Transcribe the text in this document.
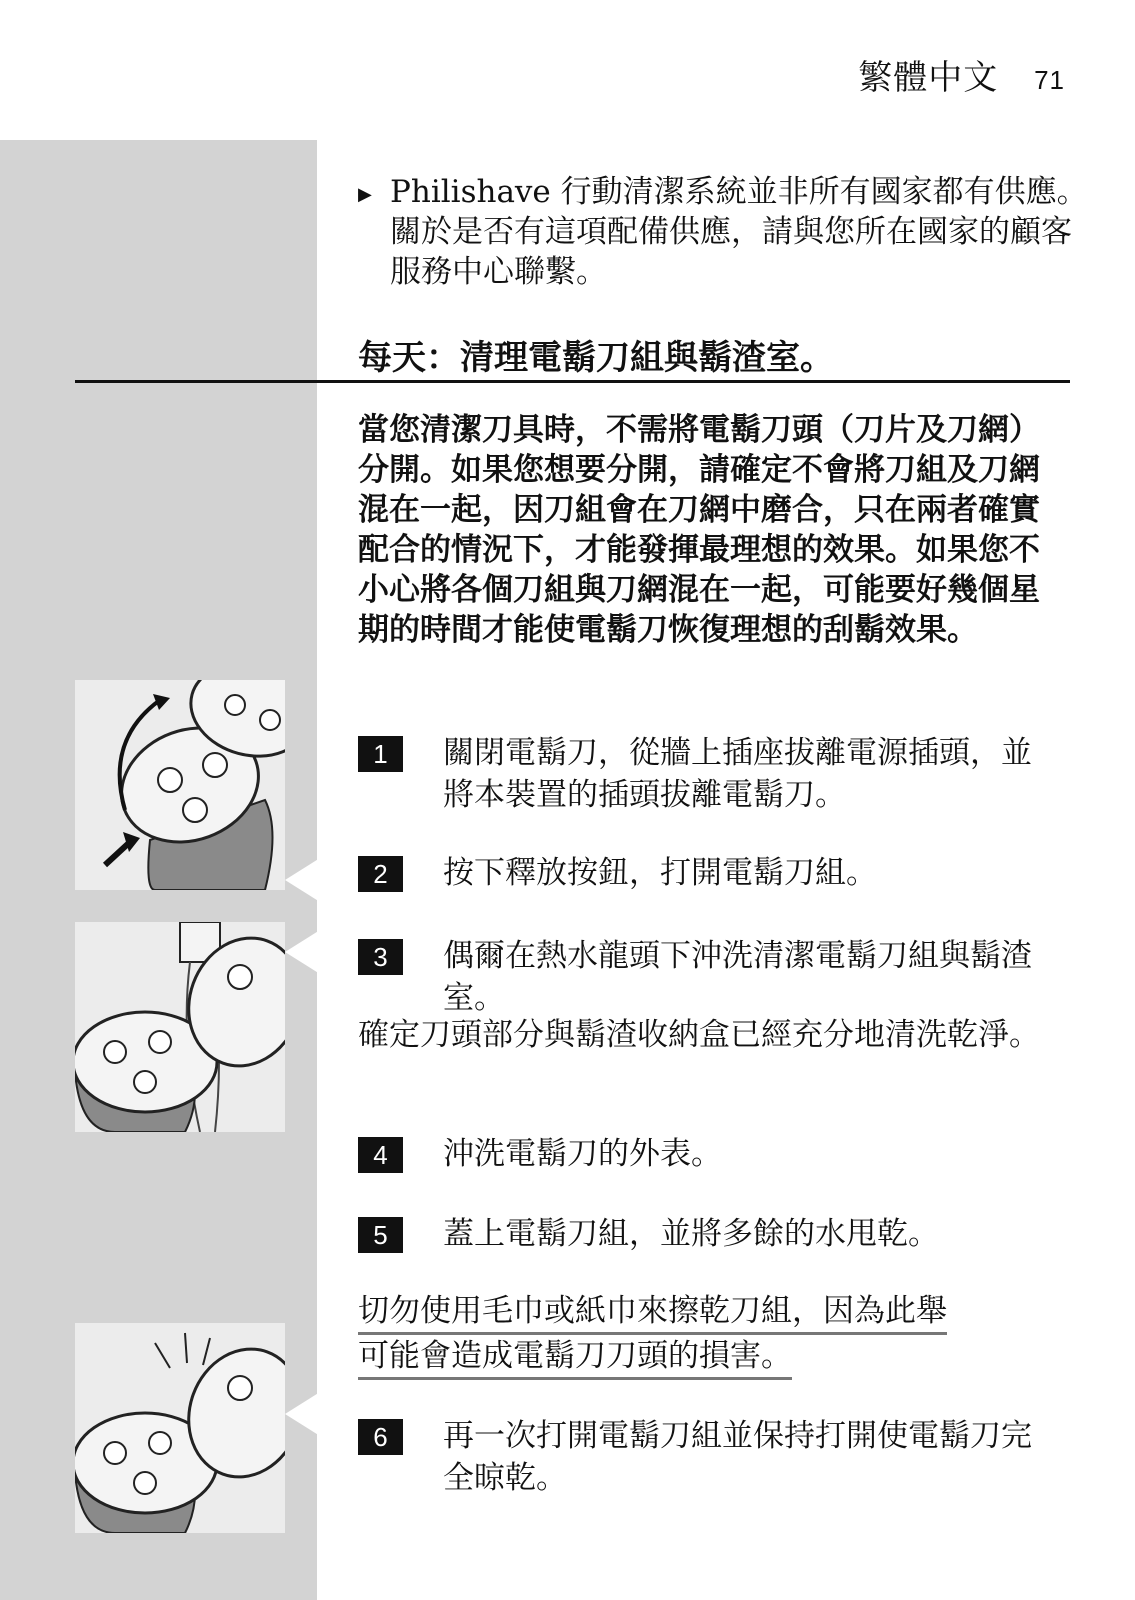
繁體中文 71
▶ Philishave 行動清潔系統並非所有國家都有供應。關於是否有這項配備供應，請與您所在國家的顧客服務中心聯繫。
每天：清理電鬍刀組與鬍渣室。
當您清潔刀具時，不需將電鬍刀頭（刀片及刀網）分開。如果您想要分開，請確定不會將刀組及刀網混在一起，因刀組會在刀網中磨合，只在兩者確實配合的情況下，才能發揮最理想的效果。如果您不小心將各個刀組與刀網混在一起，可能要好幾個星期的時間才能使電鬍刀恢復理想的刮鬍效果。
1	關閉電鬍刀，從牆上插座拔離電源插頭，並將本裝置的插頭拔離電鬍刀。
2	按下釋放按鈕，打開電鬍刀組。
3	偶爾在熱水龍頭下沖洗清潔電鬍刀組與鬍渣室。
確定刀頭部分與鬍渣收納盒已經充分地清洗乾淨。
4	沖洗電鬍刀的外表。
5	蓋上電鬍刀組，並將多餘的水甩乾。
切勿使用毛巾或紙巾來擦乾刀組，因為此舉
可能會造成電鬍刀刀頭的損害。
6	再一次打開電鬍刀組並保持打開使電鬍刀完全晾乾。
